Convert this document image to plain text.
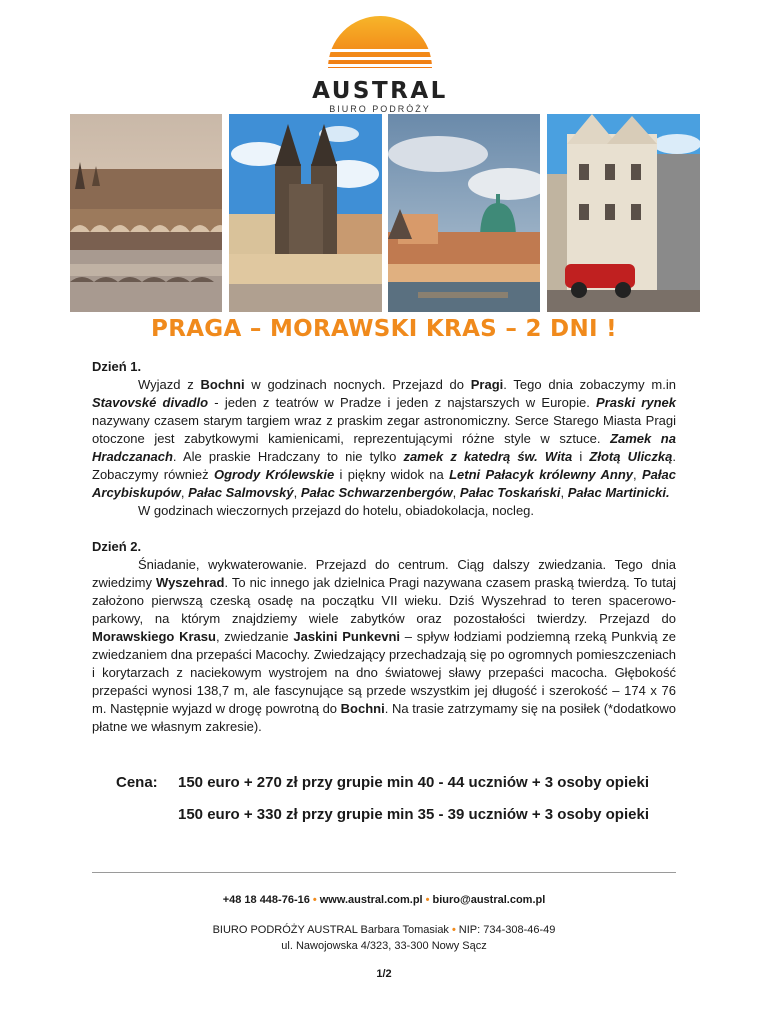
AUSTRAL
BIURO PODRÓŻY
PRAGA – MORAWSKI KRAS – 2 DNI !

Dzień 1.

Wyjazd z Bochni w godzinach nocnych. Przejazd do Pragi. Tego dnia zobaczymy m.in Stavovské divadlo - jeden z teatrów w Pradze i jeden z najstarszych w Europie. Praski rynek nazywany czasem starym targiem wraz z praskim zegar astronomiczny. Serce Starego Miasta Pragi otoczone jest zabytkowymi kamienicami, reprezentującymi różne style w sztuce. Zamek na Hradczanach. Ale praskie Hradczany to nie tylko zamek z katedrą św. Wita i Złotą Uliczką. Zobaczymy również Ogrody Królewskie i piękny widok na Letni Pałacyk królewny Anny, Pałac Arcybiskupów, Pałac Salmovský, Pałac Schwarzenbergów, Pałac Toskański, Pałac Martinicki.

W godzinach wieczornych przejazd do hotelu, obiadokolacja, nocleg.

Dzień 2.

Śniadanie, wykwaterowanie. Przejazd do centrum. Ciąg dalszy zwiedzania. Tego dnia zwiedzimy Wyszehrad. To nic innego jak dzielnica Pragi nazywana czasem praską twierdzą. To tutaj założono pierwszą czeską osadę na początku VII wieku. Dziś Wyszehrad to teren spacerowo-parkowy, na którym znajdziemy wiele zabytków oraz pozostałości twierdzy. Przejazd do Morawskiego Krasu, zwiedzanie Jaskini Punkevni – spływ łodziami podziemną rzeką Punkvią ze zwiedzaniem dna przepaści Macochy. Zwiedzający przechadzają się po ogromnych pomieszczeniach i korytarzach z naciekowym wystrojem na dno światowej sławy przepaści macocha. Głębokość przepaści wynosi 138,7 m, ale fascynujące są przede wszystkim jej długość i szerokość – 174 x 76 m. Następnie wyjazd w drogę powrotną do Bochni. Na trasie zatrzymamy się na posiłek (*dodatkowo płatne we własnym zakresie).

Cena: 150 euro + 270 zł przy grupie min 40 - 44 uczniów + 3 osoby opieki
150 euro + 330 zł przy grupie min 35 - 39 uczniów + 3 osoby opieki
+48 18 448-76-16 • www.austral.com.pl • biuro@austral.com.pl
BIURO PODRÓŻY AUSTRAL Barbara Tomasiak • NIP: 734-308-46-49
ul. Nawojowska 4/323, 33-300 Nowy Sącz
1/2
